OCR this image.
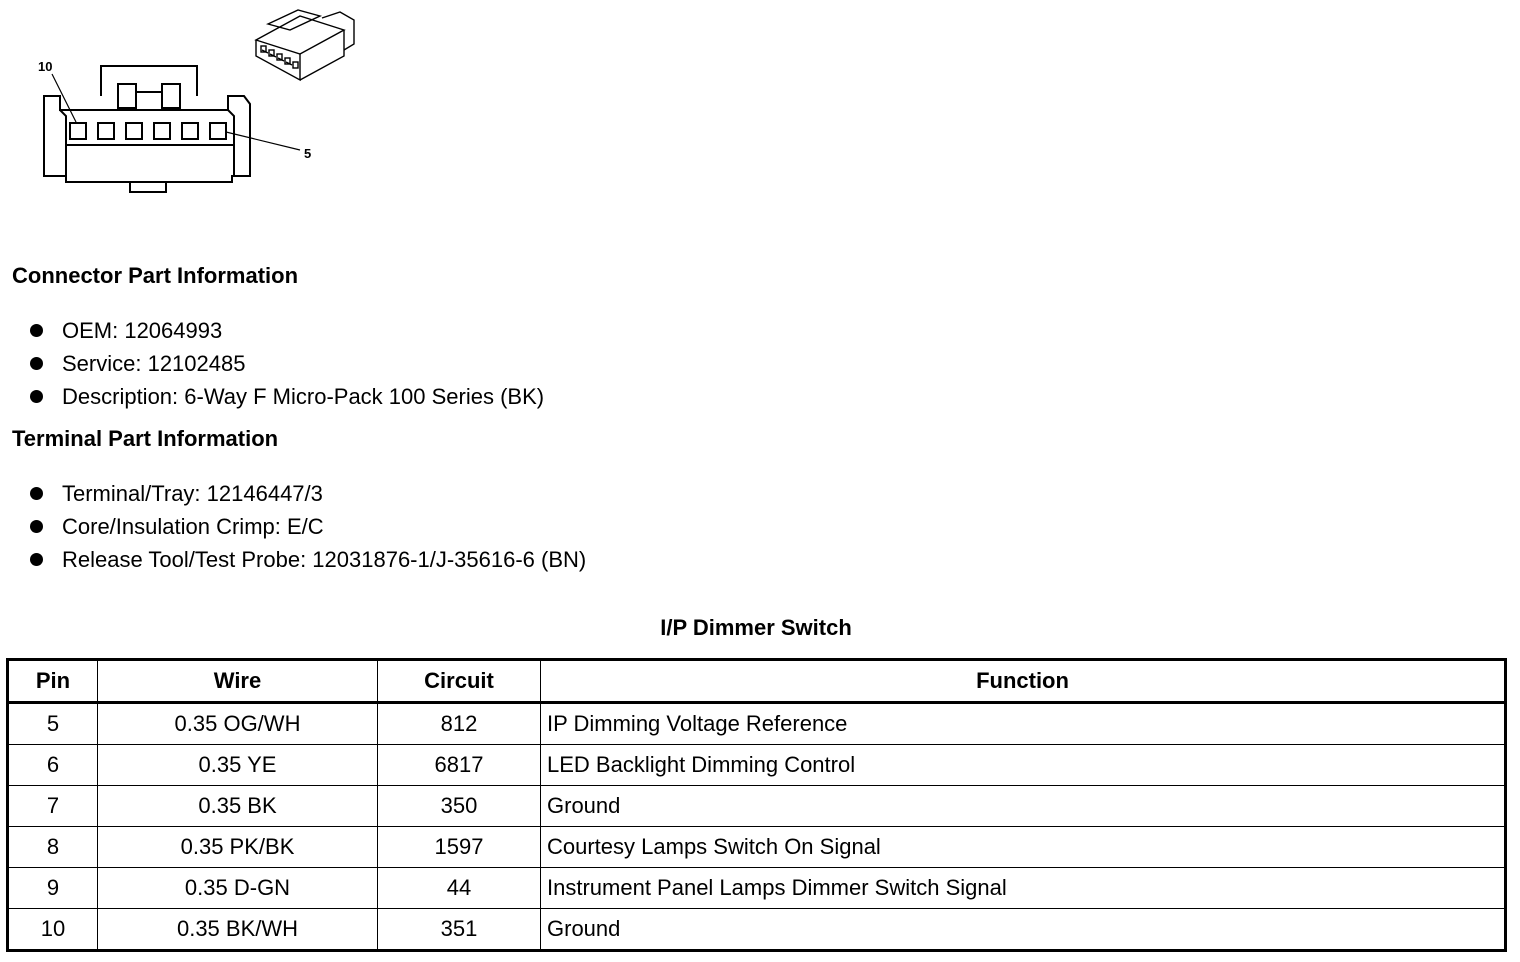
10
5
Connector Part Information
OEM: 12064993
Service: 12102485
Description: 6-Way F Micro-Pack 100 Series (BK)
Terminal Part Information
Terminal/Tray: 12146447/3
Core/Insulation Crimp: E/C
Release Tool/Test Probe: 12031876-1/J-35616-6 (BN)
I/P Dimmer Switch
Pin	Wire	Circuit	Function
5	0.35 OG/WH	812	IP Dimming Voltage Reference
6	0.35 YE	6817	LED Backlight Dimming Control
7	0.35 BK	350	Ground
8	0.35 PK/BK	1597	Courtesy Lamps Switch On Signal
9	0.35 D-GN	44	Instrument Panel Lamps Dimmer Switch Signal
10	0.35 BK/WH	351	Ground
